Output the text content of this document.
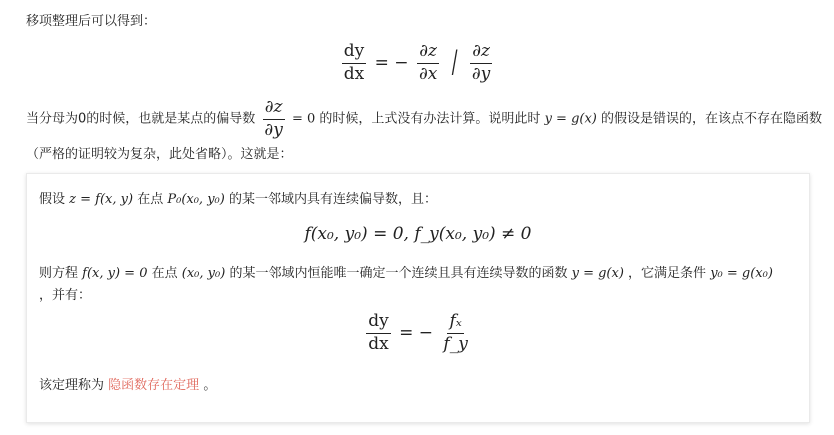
移项整理后可以得到：
$\frac{dy}{dx}$ = − $\frac{\partial z}{\partial x} / \frac{\partial z}{\partial y}$
当分母为0的时候，也就是某点的偏导数 $\frac{\partial z}{\partial y} = 0$ 的时候，上式没有办法计算。说明此时 y = g(x) 的假设是错误的，在该点不存在隐函数
（严格的证明较为复杂，此处省略）。这就是：
假设 z = f(x, y) 在点 P₀(x₀, y₀) 的某一邻域内具有连续偏导数，且：
f(x₀, y₀) = 0, f_y(x₀, y₀) ≠ 0
则方程 f(x, y) = 0 在点 (x₀, y₀) 的某一邻域内恒能唯一确定一个连续且具有连续导数的函数 y = g(x) ，它满足条件 y₀ = g(x₀)
，并有：
$\frac{dy}{dx}$ = − $\frac{\text{fₓ}}{f\_y}$
该定理称为 隐函数存在定理 。
